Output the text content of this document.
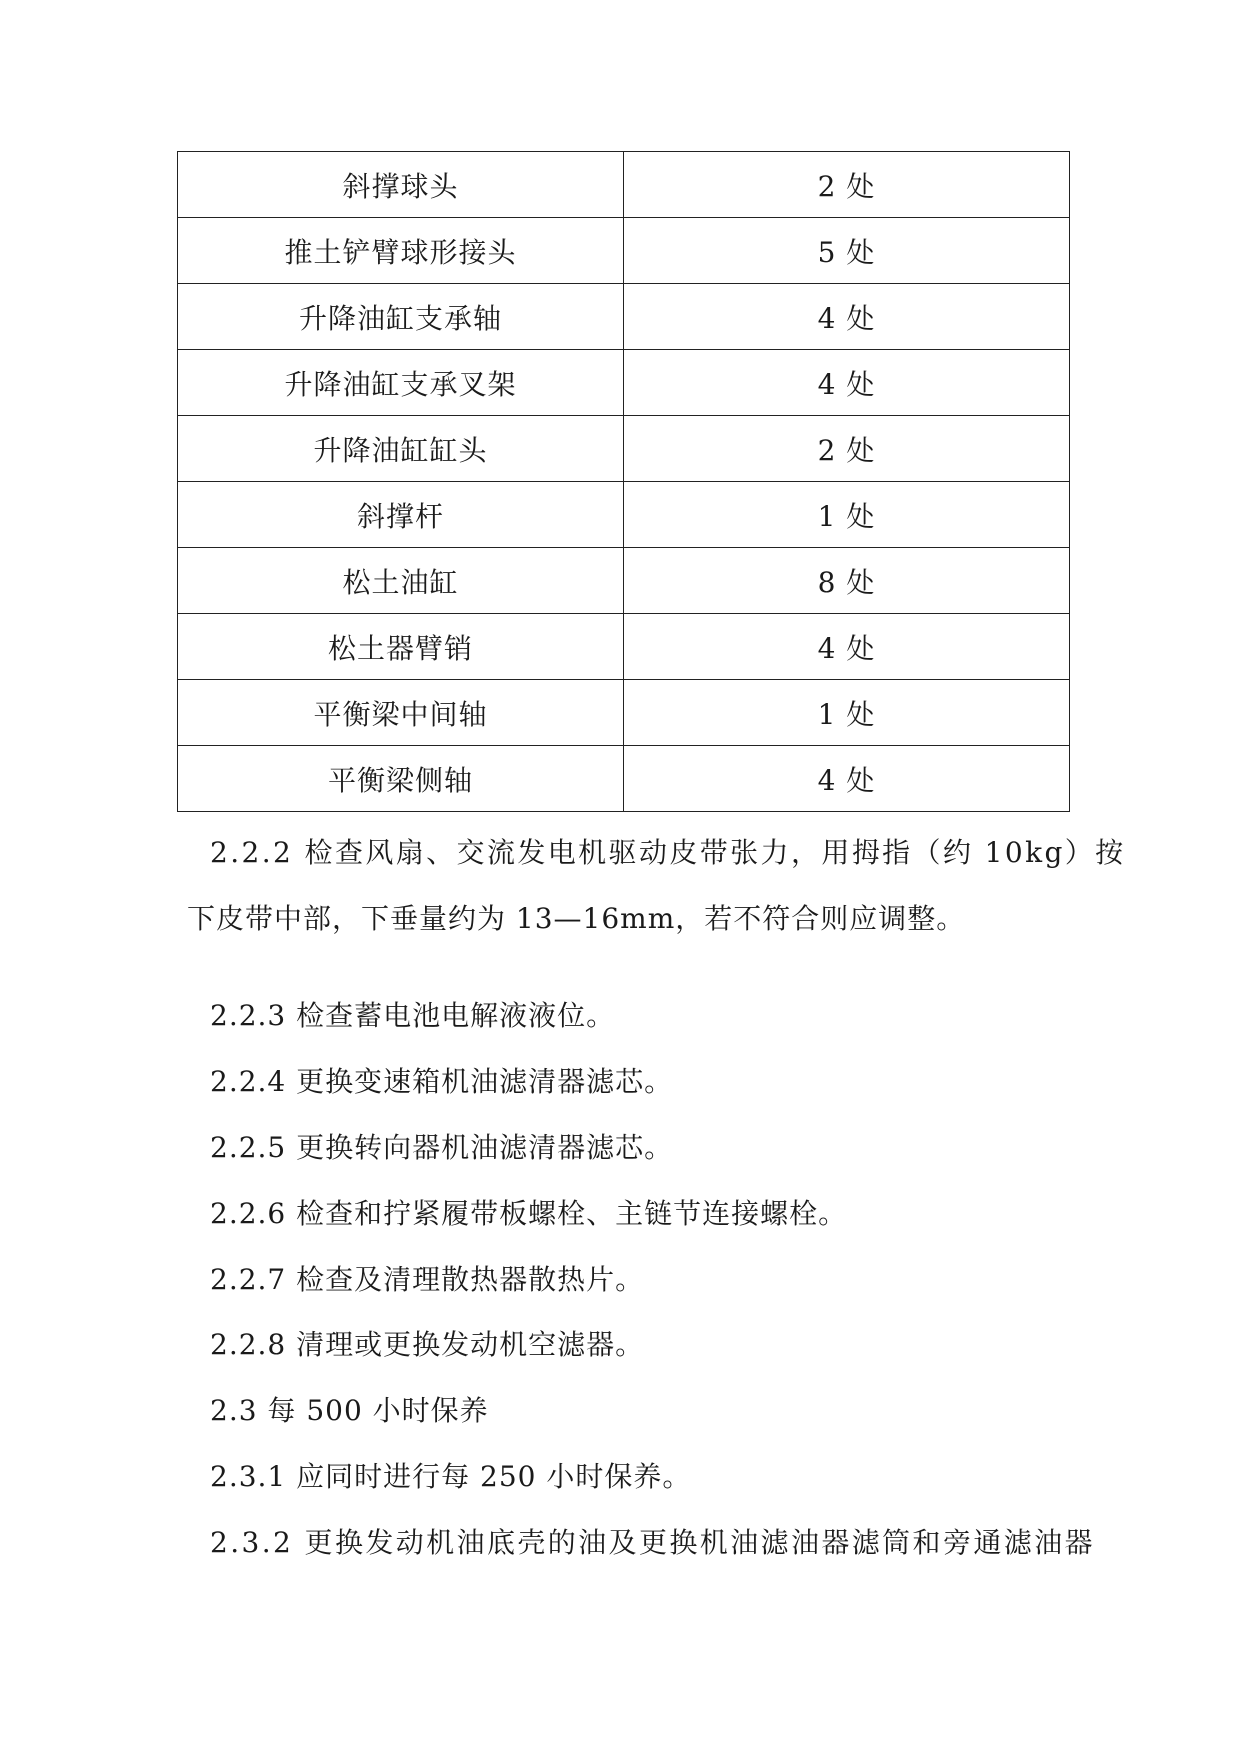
斜撑球头	2 处
推土铲臂球形接头	5 处
升降油缸支承轴	4 处
升降油缸支承叉架	4 处
升降油缸缸头	2 处
斜撑杆	1 处
松土油缸	8 处
松土器臂销	4 处
平衡梁中间轴	1 处
平衡梁侧轴	4 处
2.2.2 检查风扇、交流发电机驱动皮带张力，用拇指（约 10kg）按
下皮带中部，下垂量约为 13—16mm，若不符合则应调整。
2.2.3 检查蓄电池电解液液位。
2.2.4 更换变速箱机油滤清器滤芯。
2.2.5 更换转向器机油滤清器滤芯。
2.2.6 检查和拧紧履带板螺栓、主链节连接螺栓。
2.2.7 检查及清理散热器散热片。
2.2.8 清理或更换发动机空滤器。
2.3 每 500 小时保养
2.3.1 应同时进行每 250 小时保养。
2.3.2 更换发动机油底壳的油及更换机油滤油器滤筒和旁通滤油器
